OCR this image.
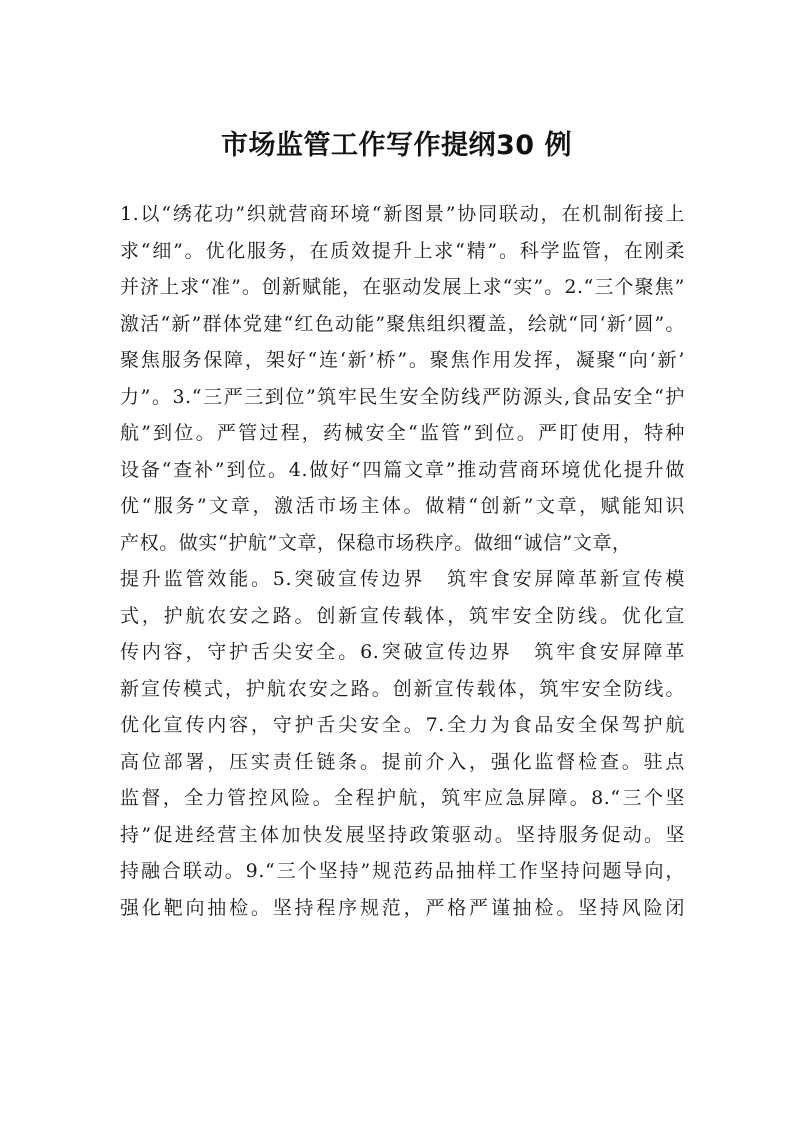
市场监管工作写作提纲30 例
1.以“绣花功”织就营商环境“新图景”协同联动，在机制衔接上
求“细”。优化服务，在质效提升上求“精”。科学监管，在刚柔
并济上求“准”。创新赋能，在驱动发展上求“实”。2.“三个聚焦”
激活“新”群体党建“红色动能”聚焦组织覆盖，绘就“同‘新’圆”。
聚焦服务保障，架好“连‘新’桥”。聚焦作用发挥，凝聚“向‘新’
力”。3.“三严三到位”筑牢民生安全防线严防源头,食品安全“护
航”到位。严管过程，药械安全“监管”到位。严盯使用，特种
设备“查补”到位。4.做好“四篇文章”推动营商环境优化提升做
优“服务”文章，激活市场主体。做精“创新”文章，赋能知识
产权。做实“护航”文章，保稳市场秩序。做细“诚信”文章，
提升监管效能。5.突破宣传边界　筑牢食安屏障革新宣传模
式，护航农安之路。创新宣传载体，筑牢安全防线。优化宣
传内容，守护舌尖安全。6.突破宣传边界　筑牢食安屏障革
新宣传模式，护航农安之路。创新宣传载体，筑牢安全防线。
优化宣传内容，守护舌尖安全。7.全力为食品安全保驾护航
高位部署，压实责任链条。提前介入，强化监督检查。驻点
监督，全力管控风险。全程护航，筑牢应急屏障。8.“三个坚
持”促进经营主体加快发展坚持政策驱动。坚持服务促动。坚
持融合联动。9.“三个坚持”规范药品抽样工作坚持问题导向，
强化靶向抽检。坚持程序规范，严格严谨抽检。坚持风险闭
